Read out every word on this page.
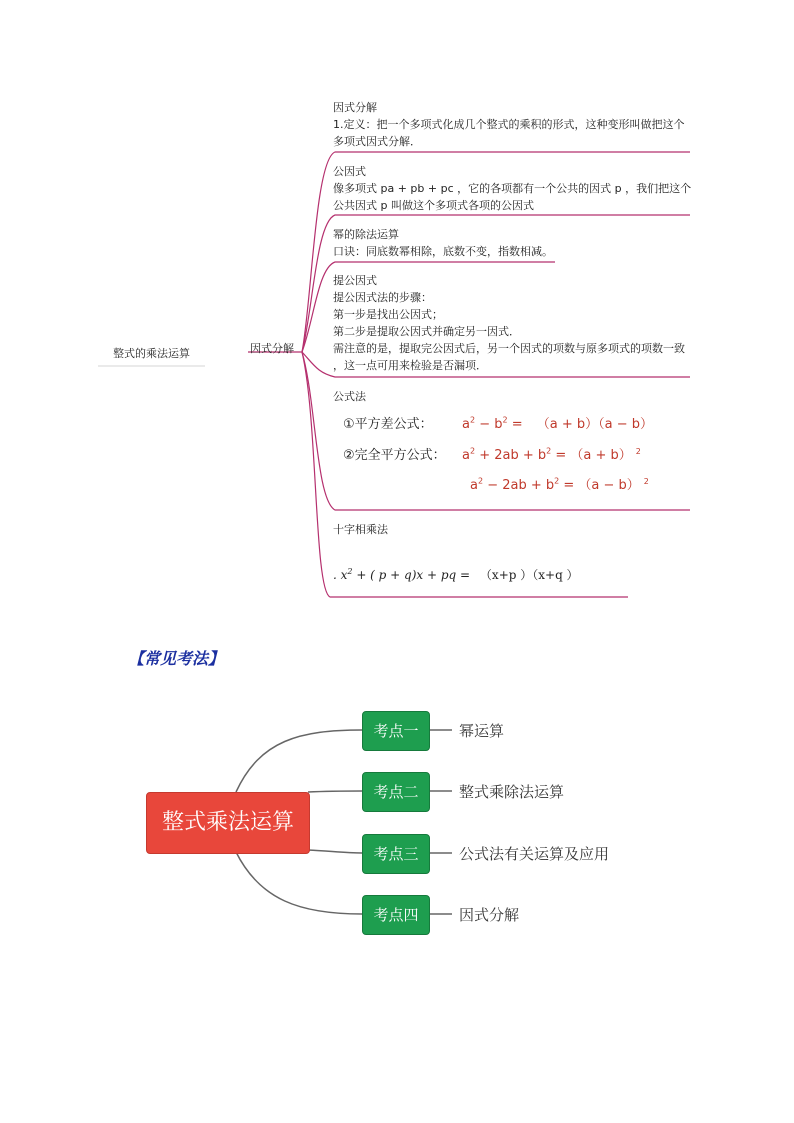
整式的乘法运算	因式分解
因式分解
1.定义：把一个多项式化成几个整式的乘积的形式，这种变形叫做把这个
多项式因式分解．
公因式
像多项式 pa + pb + pc ，它的各项都有一个公共的因式 p ，我们把这个
公共因式 p 叫做这个多项式各项的公因式
幂的除法运算
口诀：同底数幂相除，底数不变，指数相减。
提公因式
提公因式法的步骤：
第一步是找出公因式；
第二步是提取公因式并确定另一因式．
需注意的是，提取完公因式后，另一个因式的项数与原多项式的项数一致
，这一点可用来检验是否漏项．
公式法
①平方差公式： $a^2 - b^2 = (a + b)(a - b)$
②完全平方公式： $a^2 + 2ab + b^2 = (a + b)$ $^2$
$a^2 - 2ab + b^2 = (a - b)$ $^2$
十字相乘法
. $x^2$ + ( p + q)x + pq = （x+p ）（x+q ）
【常见考法】
整式乘法运算
考点一
考点二
考点三
考点四
幂运算
整式乘除法运算
公式法有关运算及应用
因式分解
